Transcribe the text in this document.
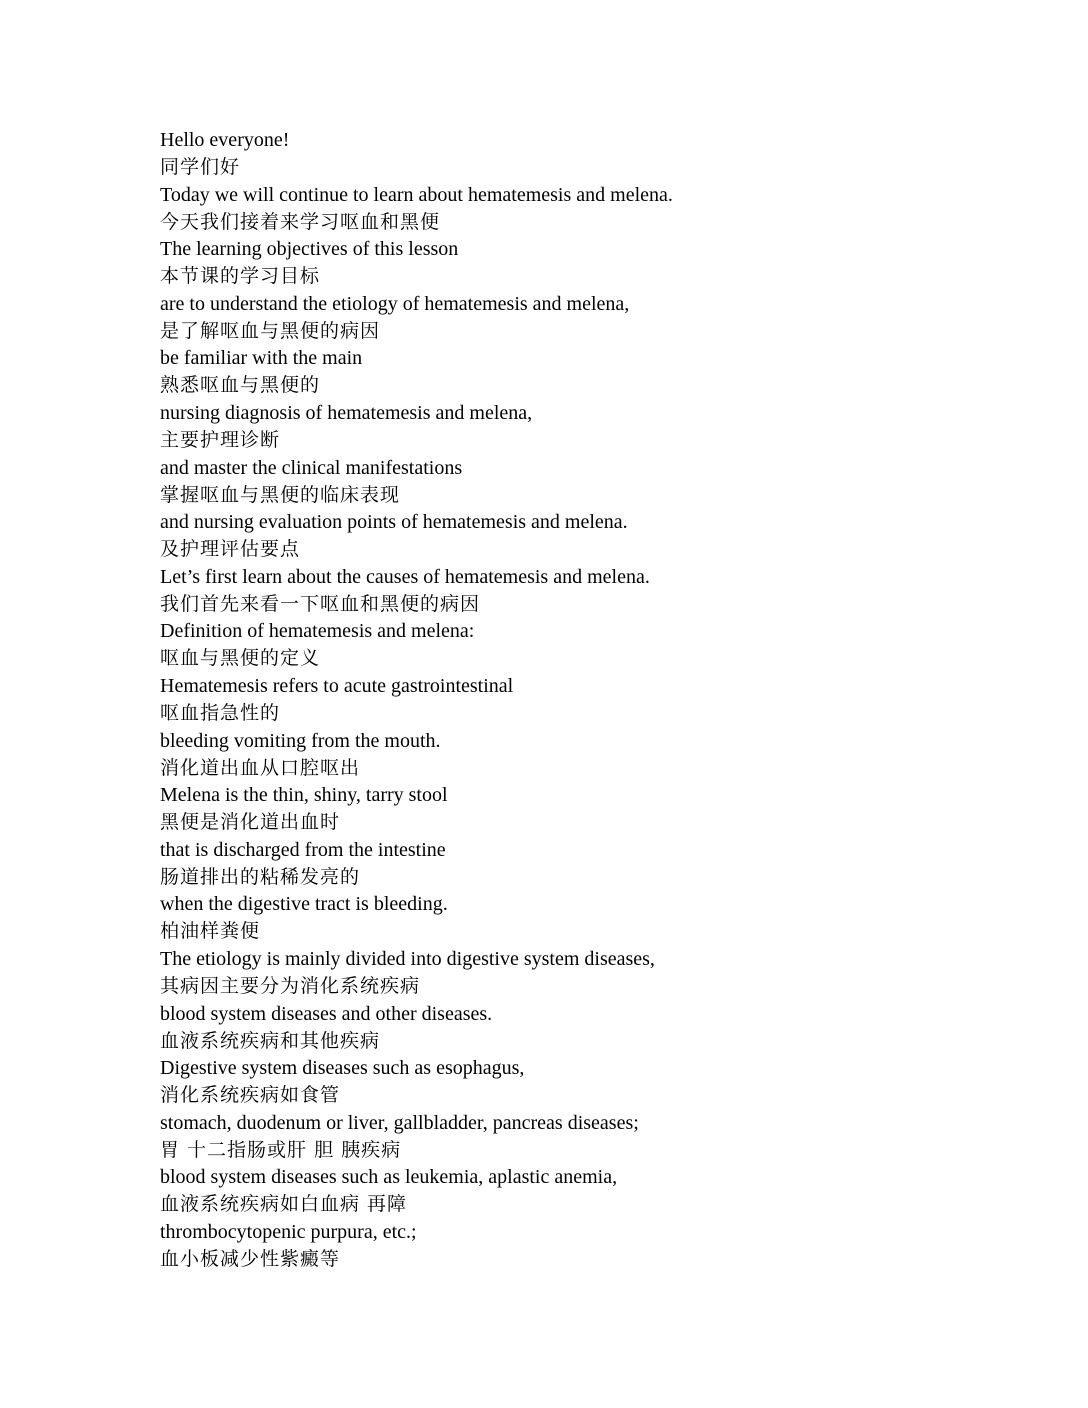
Hello everyone!
同学们好
Today we will continue to learn about hematemesis and melena.
今天我们接着来学习呕血和黑便
The learning objectives of this lesson
本节课的学习目标
are to understand the etiology of hematemesis and melena,
是了解呕血与黑便的病因
be familiar with the main
熟悉呕血与黑便的
nursing diagnosis of hematemesis and melena,
主要护理诊断
and master the clinical manifestations
掌握呕血与黑便的临床表现
and nursing evaluation points of hematemesis and melena.
及护理评估要点
Let’s first learn about the causes of hematemesis and melena.
我们首先来看一下呕血和黑便的病因
Definition of hematemesis and melena:
呕血与黑便的定义
Hematemesis refers to acute gastrointestinal
呕血指急性的
bleeding vomiting from the mouth.
消化道出血从口腔呕出
Melena is the thin, shiny, tarry stool
黑便是消化道出血时
that is discharged from the intestine
肠道排出的粘稀发亮的
when the digestive tract is bleeding.
柏油样粪便
The etiology is mainly divided into digestive system diseases,
其病因主要分为消化系统疾病
blood system diseases and other diseases.
血液系统疾病和其他疾病
Digestive system diseases such as esophagus,
消化系统疾病如食管
stomach, duodenum or liver, gallbladder, pancreas diseases;
胃 十二指肠或肝 胆 胰疾病
blood system diseases such as leukemia, aplastic anemia,
血液系统疾病如白血病 再障
thrombocytopenic purpura, etc.;
血小板减少性紫癜等
